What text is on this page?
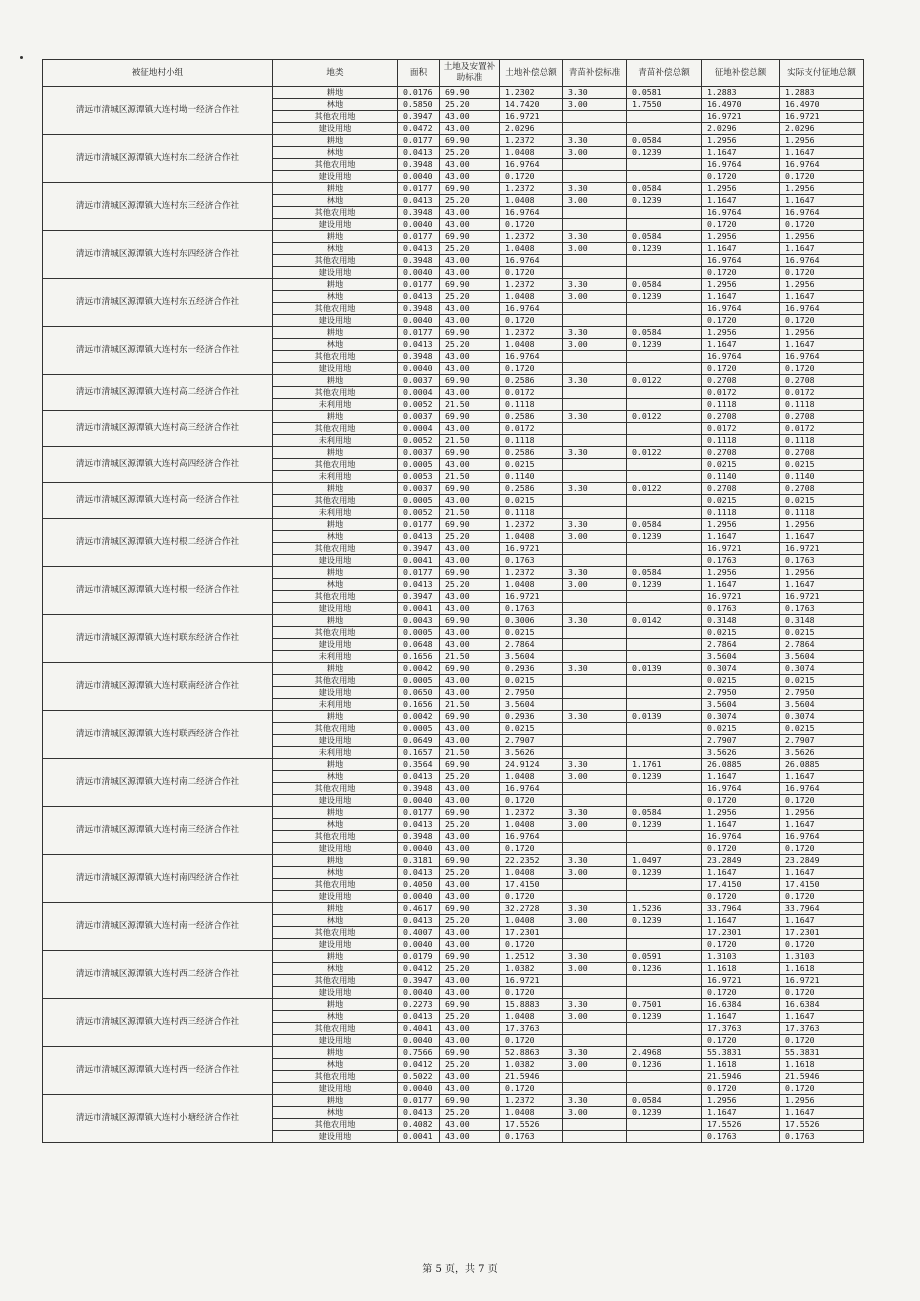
被征地村小组	地类	面积	土地及安置补助标准	土地补偿总额	青苗补偿标准	青苗补偿总额	征地补偿总额	实际支付征地总额
清远市清城区源潭镇大连村坳一经济合作社	耕地	0.0176	69.90	1.2302	3.30	0.0581	1.2883	1.2883
	林地	0.5850	25.20	14.7420	3.00	1.7550	16.4970	16.4970
	其他农用地	0.3947	43.00	16.9721			16.9721	16.9721
	建设用地	0.0472	43.00	2.0296			2.0296	2.0296
清远市清城区源潭镇大连村东二经济合作社	耕地	0.0177	69.90	1.2372	3.30	0.0584	1.2956	1.2956
	林地	0.0413	25.20	1.0408	3.00	0.1239	1.1647	1.1647
	其他农用地	0.3948	43.00	16.9764			16.9764	16.9764
	建设用地	0.0040	43.00	0.1720			0.1720	0.1720
清远市清城区源潭镇大连村东三经济合作社	耕地	0.0177	69.90	1.2372	3.30	0.0584	1.2956	1.2956
	林地	0.0413	25.20	1.0408	3.00	0.1239	1.1647	1.1647
	其他农用地	0.3948	43.00	16.9764			16.9764	16.9764
	建设用地	0.0040	43.00	0.1720			0.1720	0.1720
清远市清城区源潭镇大连村东四经济合作社	耕地	0.0177	69.90	1.2372	3.30	0.0584	1.2956	1.2956
	林地	0.0413	25.20	1.0408	3.00	0.1239	1.1647	1.1647
	其他农用地	0.3948	43.00	16.9764			16.9764	16.9764
	建设用地	0.0040	43.00	0.1720			0.1720	0.1720
清远市清城区源潭镇大连村东五经济合作社	耕地	0.0177	69.90	1.2372	3.30	0.0584	1.2956	1.2956
	林地	0.0413	25.20	1.0408	3.00	0.1239	1.1647	1.1647
	其他农用地	0.3948	43.00	16.9764			16.9764	16.9764
	建设用地	0.0040	43.00	0.1720			0.1720	0.1720
清远市清城区源潭镇大连村东一经济合作社	耕地	0.0177	69.90	1.2372	3.30	0.0584	1.2956	1.2956
	林地	0.0413	25.20	1.0408	3.00	0.1239	1.1647	1.1647
	其他农用地	0.3948	43.00	16.9764			16.9764	16.9764
	建设用地	0.0040	43.00	0.1720			0.1720	0.1720
清远市清城区源潭镇大连村高二经济合作社	耕地	0.0037	69.90	0.2586	3.30	0.0122	0.2708	0.2708
	其他农用地	0.0004	43.00	0.0172			0.0172	0.0172
	未利用地	0.0052	21.50	0.1118			0.1118	0.1118
清远市清城区源潭镇大连村高三经济合作社	耕地	0.0037	69.90	0.2586	3.30	0.0122	0.2708	0.2708
	其他农用地	0.0004	43.00	0.0172			0.0172	0.0172
	未利用地	0.0052	21.50	0.1118			0.1118	0.1118
清远市清城区源潭镇大连村高四经济合作社	耕地	0.0037	69.90	0.2586	3.30	0.0122	0.2708	0.2708
	其他农用地	0.0005	43.00	0.0215			0.0215	0.0215
	未利用地	0.0053	21.50	0.1140			0.1140	0.1140
清远市清城区源潭镇大连村高一经济合作社	耕地	0.0037	69.90	0.2586	3.30	0.0122	0.2708	0.2708
	其他农用地	0.0005	43.00	0.0215			0.0215	0.0215
	未利用地	0.0052	21.50	0.1118			0.1118	0.1118
清远市清城区源潭镇大连村根二经济合作社	耕地	0.0177	69.90	1.2372	3.30	0.0584	1.2956	1.2956
	林地	0.0413	25.20	1.0408	3.00	0.1239	1.1647	1.1647
	其他农用地	0.3947	43.00	16.9721			16.9721	16.9721
	建设用地	0.0041	43.00	0.1763			0.1763	0.1763
清远市清城区源潭镇大连村根一经济合作社	耕地	0.0177	69.90	1.2372	3.30	0.0584	1.2956	1.2956
	林地	0.0413	25.20	1.0408	3.00	0.1239	1.1647	1.1647
	其他农用地	0.3947	43.00	16.9721			16.9721	16.9721
	建设用地	0.0041	43.00	0.1763			0.1763	0.1763
清远市清城区源潭镇大连村联东经济合作社	耕地	0.0043	69.90	0.3006	3.30	0.0142	0.3148	0.3148
	其他农用地	0.0005	43.00	0.0215			0.0215	0.0215
	建设用地	0.0648	43.00	2.7864			2.7864	2.7864
	未利用地	0.1656	21.50	3.5604			3.5604	3.5604
清远市清城区源潭镇大连村联南经济合作社	耕地	0.0042	69.90	0.2936	3.30	0.0139	0.3074	0.3074
	其他农用地	0.0005	43.00	0.0215			0.0215	0.0215
	建设用地	0.0650	43.00	2.7950			2.7950	2.7950
	未利用地	0.1656	21.50	3.5604			3.5604	3.5604
清远市清城区源潭镇大连村联西经济合作社	耕地	0.0042	69.90	0.2936	3.30	0.0139	0.3074	0.3074
	其他农用地	0.0005	43.00	0.0215			0.0215	0.0215
	建设用地	0.0649	43.00	2.7907			2.7907	2.7907
	未利用地	0.1657	21.50	3.5626			3.5626	3.5626
清远市清城区源潭镇大连村南二经济合作社	耕地	0.3564	69.90	24.9124	3.30	1.1761	26.0885	26.0885
	林地	0.0413	25.20	1.0408	3.00	0.1239	1.1647	1.1647
	其他农用地	0.3948	43.00	16.9764			16.9764	16.9764
	建设用地	0.0040	43.00	0.1720			0.1720	0.1720
清远市清城区源潭镇大连村南三经济合作社	耕地	0.0177	69.90	1.2372	3.30	0.0584	1.2956	1.2956
	林地	0.0413	25.20	1.0408	3.00	0.1239	1.1647	1.1647
	其他农用地	0.3948	43.00	16.9764			16.9764	16.9764
	建设用地	0.0040	43.00	0.1720			0.1720	0.1720
清远市清城区源潭镇大连村南四经济合作社	耕地	0.3181	69.90	22.2352	3.30	1.0497	23.2849	23.2849
	林地	0.0413	25.20	1.0408	3.00	0.1239	1.1647	1.1647
	其他农用地	0.4050	43.00	17.4150			17.4150	17.4150
	建设用地	0.0040	43.00	0.1720			0.1720	0.1720
清远市清城区源潭镇大连村南一经济合作社	耕地	0.4617	69.90	32.2728	3.30	1.5236	33.7964	33.7964
	林地	0.0413	25.20	1.0408	3.00	0.1239	1.1647	1.1647
	其他农用地	0.4007	43.00	17.2301			17.2301	17.2301
	建设用地	0.0040	43.00	0.1720			0.1720	0.1720
清远市清城区源潭镇大连村西二经济合作社	耕地	0.0179	69.90	1.2512	3.30	0.0591	1.3103	1.3103
	林地	0.0412	25.20	1.0382	3.00	0.1236	1.1618	1.1618
	其他农用地	0.3947	43.00	16.9721			16.9721	16.9721
	建设用地	0.0040	43.00	0.1720			0.1720	0.1720
清远市清城区源潭镇大连村西三经济合作社	耕地	0.2273	69.90	15.8883	3.30	0.7501	16.6384	16.6384
	林地	0.0413	25.20	1.0408	3.00	0.1239	1.1647	1.1647
	其他农用地	0.4041	43.00	17.3763			17.3763	17.3763
	建设用地	0.0040	43.00	0.1720			0.1720	0.1720
清远市清城区源潭镇大连村西一经济合作社	耕地	0.7566	69.90	52.8863	3.30	2.4968	55.3831	55.3831
	林地	0.0412	25.20	1.0382	3.00	0.1236	1.1618	1.1618
	其他农用地	0.5022	43.00	21.5946			21.5946	21.5946
	建设用地	0.0040	43.00	0.1720			0.1720	0.1720
清远市清城区源潭镇大连村小塘经济合作社	耕地	0.0177	69.90	1.2372	3.30	0.0584	1.2956	1.2956
	林地	0.0413	25.20	1.0408	3.00	0.1239	1.1647	1.1647
	其他农用地	0.4082	43.00	17.5526			17.5526	17.5526
	建设用地	0.0041	43.00	0.1763			0.1763	0.1763
第 5 页，共 7 页
